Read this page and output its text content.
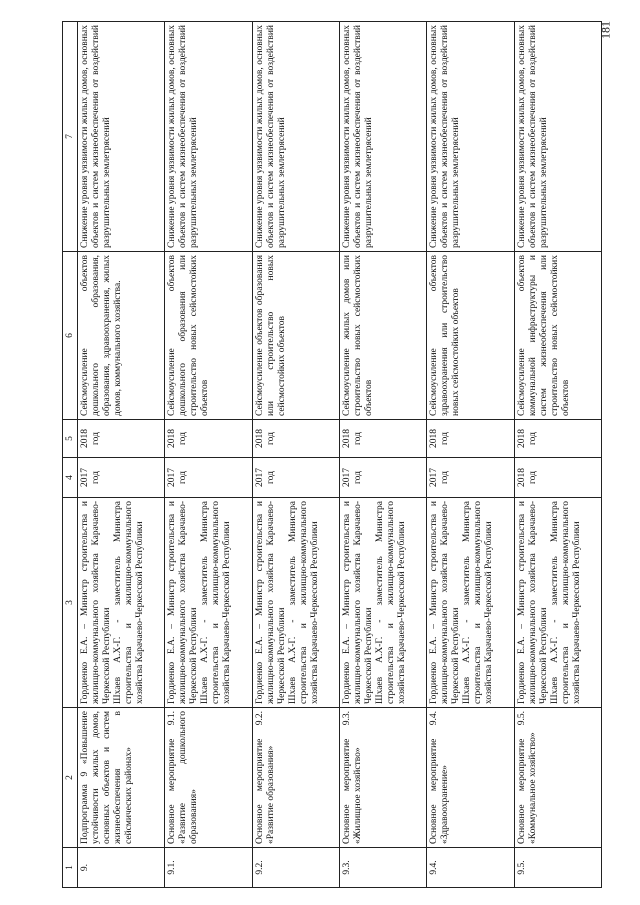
181
1	2	3	4	5	6	7
9.	Подпрограмма 9 «Повышение устойчивости жилых домов, основных объектов и систем жизнеобеспечения в сейсмических районах»	Гордиенко Е.А. – Министр строительства и жилищно-коммунального хозяйства Карачаево-Черкесской Республики Шхаев А.Х-Г. - заместитель Министра строительства и жилищно-коммунального хозяйства Карачаево-Черкесской Республики	2017 год	2018 год	Сейсмоусиление объектов дошкольного образования, образования, здравоохранения, жилых домов, коммунального хозяйства.	Снижение уровня уязвимости жилых домов, основных объектов и систем жизнеобеспечения от воздействий разрушительных землетрясений
9.1.	Основное мероприятие 9.1. «Развитие дошкольного образования»	Гордиенко Е.А. – Министр строительства и жилищно-коммунального хозяйства Карачаево-Черкесской Республики Шхаев А.Х-Г. - заместитель Министра строительства и жилищно-коммунального хозяйства Карачаево-Черкесской Республики	2017 год	2018 год	Сейсмоусиление объектов дошкольного образования или строительство новых сейсмостойких объектов	Снижение уровня уязвимости жилых домов, основных объектов и систем жизнеобеспечения от воздействий разрушительных землетрясений
9.2.	Основное мероприятие 9.2. «Развитие образования»	Гордиенко Е.А. – Министр строительства и жилищно-коммунального хозяйства Карачаево-Черкесской Республики Шхаев А.Х-Г. - заместитель Министра строительства и жилищно-коммунального хозяйства Карачаево-Черкесской Республики	2017 год	2018 год	Сейсмоусиление объектов образования или строительство новых сейсмостойких объектов	Снижение уровня уязвимости жилых домов, основных объектов и систем жизнеобеспечения от воздействий разрушительных землетрясений
9.3.	Основное мероприятие 9.3. «Жилищное хозяйство»	Гордиенко Е.А. – Министр строительства и жилищно-коммунального хозяйства Карачаево-Черкесской Республики Шхаев А.Х-Г. - заместитель Министра строительства и жилищно-коммунального хозяйства Карачаево-Черкесской Республики	2017 год	2018 год	Сейсмоусиление жилых домов или строительство новых сейсмостойких объектов	Снижение уровня уязвимости жилых домов, основных объектов и систем жизнеобеспечения от воздействий разрушительных землетрясений
9.4.	Основное мероприятие 9.4. «Здравоохранение»	Гордиенко Е.А. – Министр строительства и жилищно-коммунального хозяйства Карачаево-Черкесской Республики Шхаев А.Х-Г. - заместитель Министра строительства и жилищно-коммунального хозяйства Карачаево-Черкесской Республики	2017 год	2018 год	Сейсмоусиление объектов здравоохранения или строительство новых сейсмостойких объектов	Снижение уровня уязвимости жилых домов, основных объектов и систем жизнеобеспечения от воздействий разрушительных землетрясений
9.5.	Основное мероприятие 9.5. «Коммунальное хозяйство»	Гордиенко Е.А. – Министр строительства и жилищно-коммунального хозяйства Карачаево-Черкесской Республики Шхаев А.Х-Г. - заместитель Министра строительства и жилищно-коммунального хозяйства Карачаево-Черкесской Республики	2018 год	2018 год	Сейсмоусиление объектов коммунальной инфраструктуры и систем жизнеобеспечения или строительство новых сейсмостойких объектов	Снижение уровня уязвимости жилых домов, основных объектов и систем жизнеобеспечения от воздействий разрушительных землетрясений
